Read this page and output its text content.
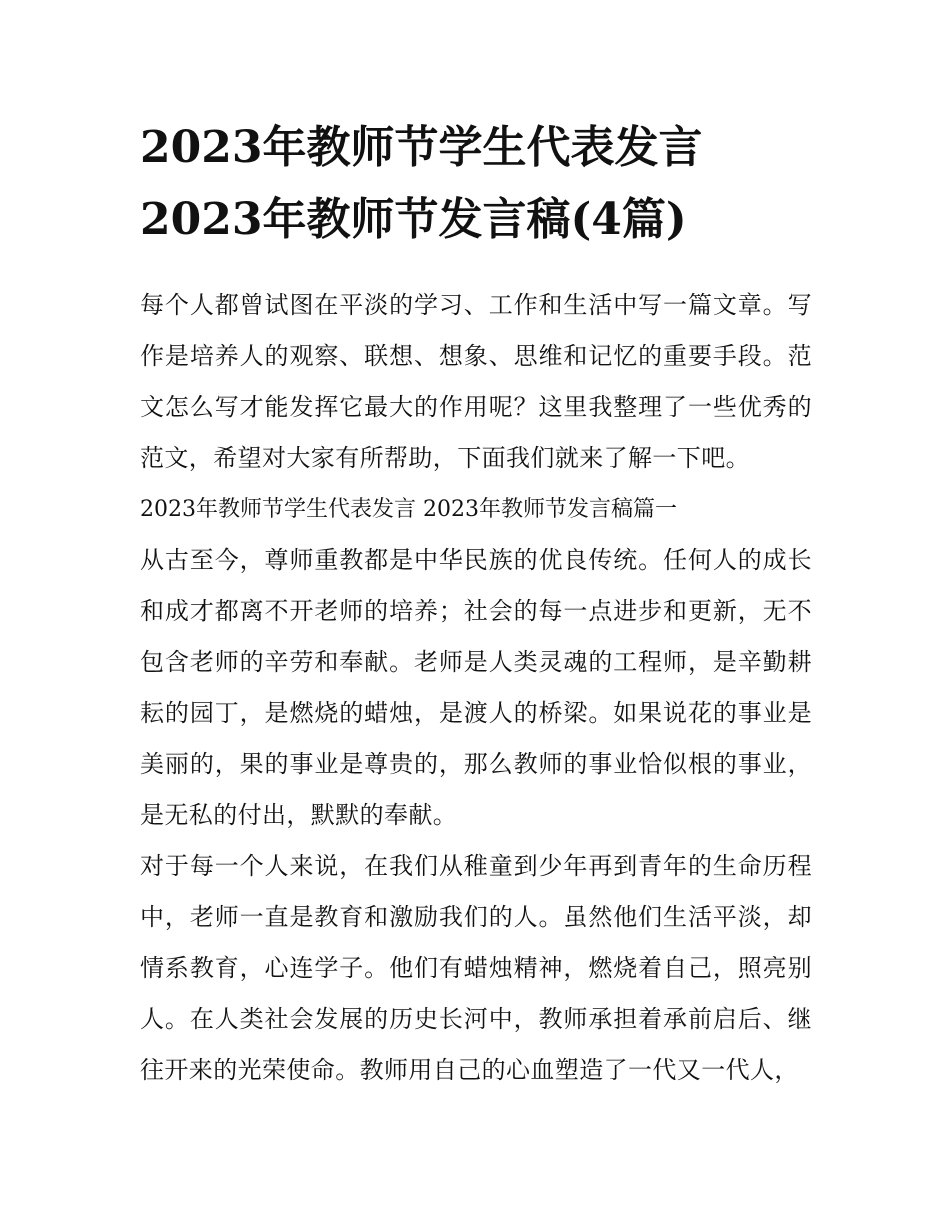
2023年教师节学生代表发言
2023年教师节发言稿(4篇)

每个人都曾试图在平淡的学习、工作和生活中写一篇文章。写作是培养人的观察、联想、想象、思维和记忆的重要手段。范文怎么写才能发挥它最大的作用呢？这里我整理了一些优秀的范文，希望对大家有所帮助，下面我们就来了解一下吧。

2023年教师节学生代表发言 2023年教师节发言稿篇一

从古至今，尊师重教都是中华民族的优良传统。任何人的成长和成才都离不开老师的培养；社会的每一点进步和更新，无不包含老师的辛劳和奉献。老师是人类灵魂的工程师，是辛勤耕耘的园丁，是燃烧的蜡烛，是渡人的桥梁。如果说花的事业是美丽的，果的事业是尊贵的，那么教师的事业恰似根的事业，是无私的付出，默默的奉献。

对于每一个人来说，在我们从稚童到少年再到青年的生命历程中，老师一直是教育和激励我们的人。虽然他们生活平淡，却情系教育，心连学子。他们有蜡烛精神，燃烧着自己，照亮别人。在人类社会发展的历史长河中，教师承担着承前启后、继往开来的光荣使命。教师用自己的心血塑造了一代又一代人，
